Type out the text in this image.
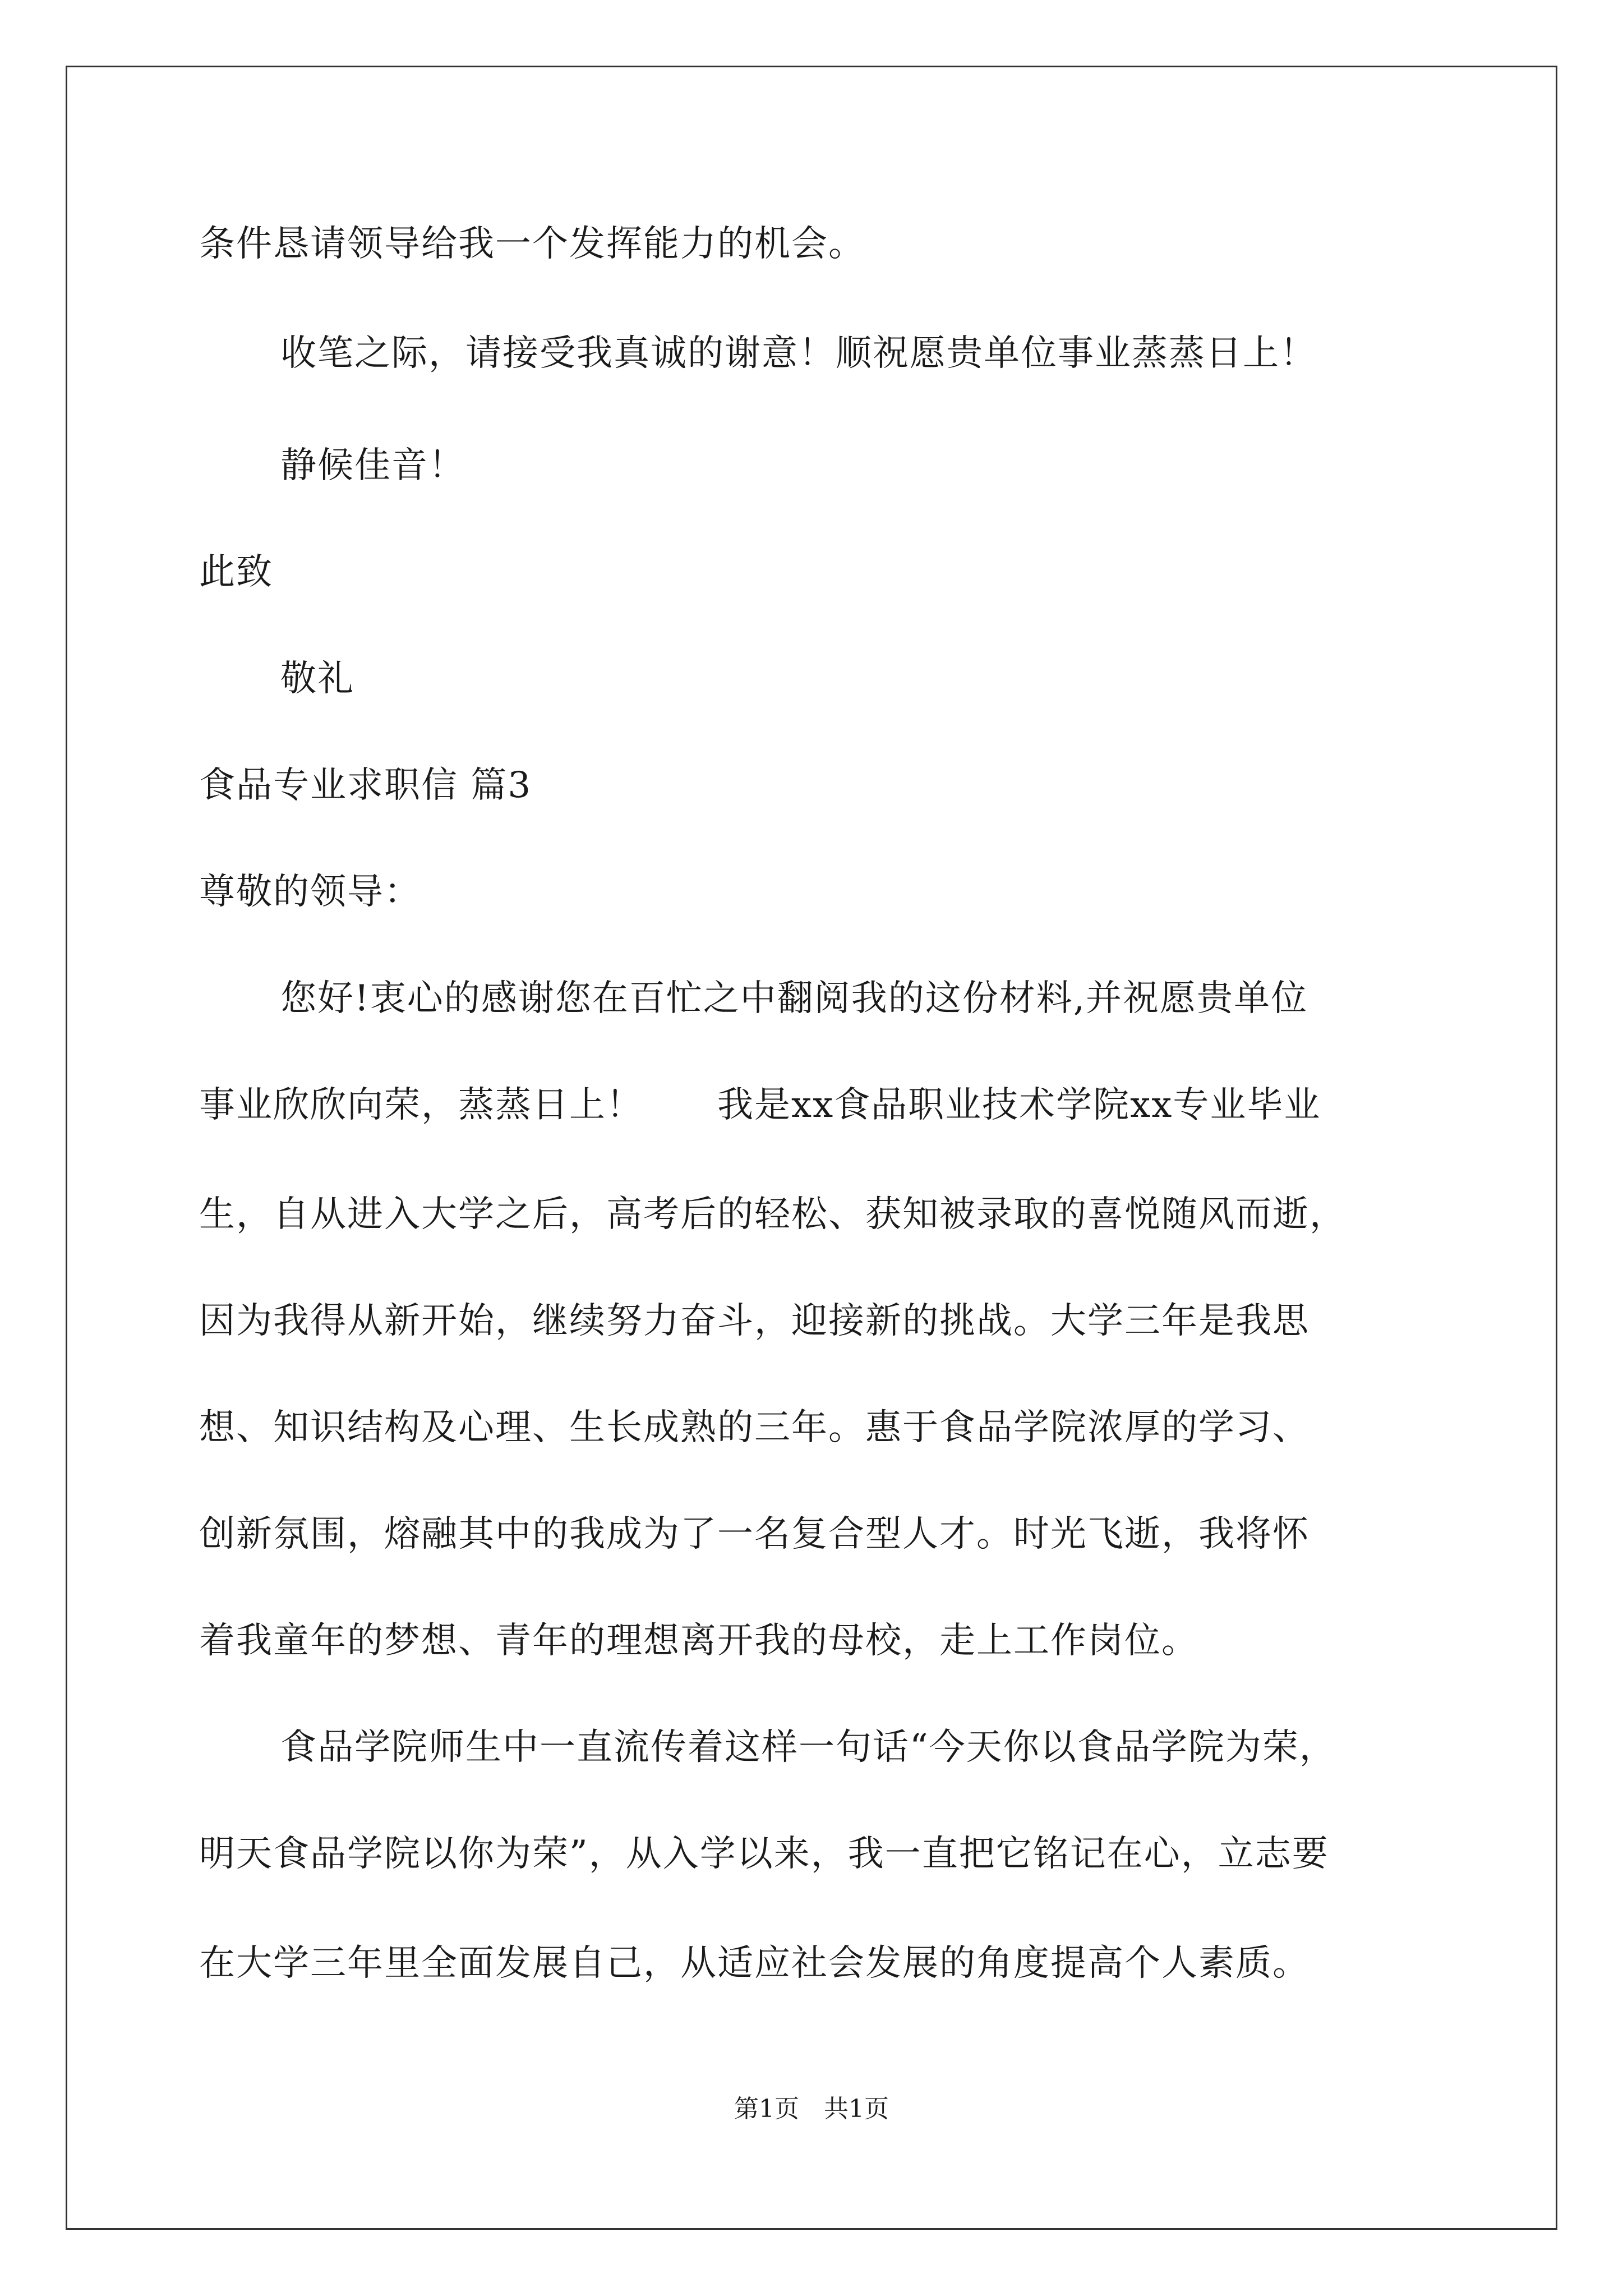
条件恳请领导给我一个发挥能力的机会。
收笔之际，请接受我真诚的谢意！顺祝愿贵单位事业蒸蒸日上！
静候佳音！
此致
敬礼
食品专业求职信 篇3
尊敬的领导：
您好!衷心的感谢您在百忙之中翻阅我的这份材料,并祝愿贵单位
事业欣欣向荣，蒸蒸日上！　　我是xx食品职业技术学院xx专业毕业
生，自从进入大学之后，高考后的轻松、获知被录取的喜悦随风而逝，
因为我得从新开始，继续努力奋斗，迎接新的挑战。大学三年是我思
想、知识结构及心理、生长成熟的三年。惠于食品学院浓厚的学习、
创新氛围，熔融其中的我成为了一名复合型人才。时光飞逝，我将怀
着我童年的梦想、青年的理想离开我的母校，走上工作岗位。
食品学院师生中一直流传着这样一句话“今天你以食品学院为荣，
明天食品学院以你为荣”，从入学以来，我一直把它铭记在心，立志要
在大学三年里全面发展自己，从适应社会发展的角度提高个人素质。
第1页　共1页
